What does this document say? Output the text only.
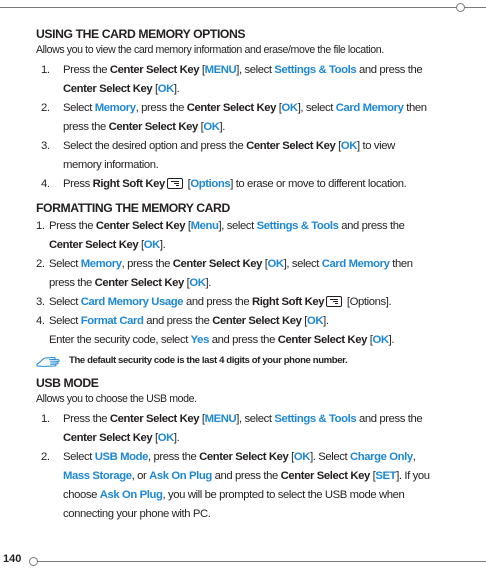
140
USING THE CARD MEMORY OPTIONS
Allows you to view the card memory information and erase/move the file location.
1. Press the Center Select Key [MENU], select Settings & Tools and press the
Center Select Key [OK].
2. Select Memory, press the Center Select Key [OK], select Card Memory then
press the Center Select Key [OK].
3. Select the desired option and press the Center Select Key [OK] to view
memory information.
4. Press Right Soft Key [Options] to erase or move to different location.
FORMATTING THE MEMORY CARD
1. Press the Center Select Key [Menu], select Settings & Tools and press the
Center Select Key [OK].
2. Select Memory, press the Center Select Key [OK], select Card Memory then
press the Center Select Key [OK].
3. Select Card Memory Usage and press the Right Soft Key [Options].
4. Select Format Card and press the Center Select Key [OK].
Enter the security code, select Yes and press the Center Select Key [OK].
The default security code is the last 4 digits of your phone number.
USB MODE
Allows you to choose the USB mode.
1. Press the Center Select Key [MENU], select Settings & Tools and press the
Center Select Key [OK].
2. Select USB Mode, press the Center Select Key [OK]. Select Charge Only,
Mass Storage, or Ask On Plug and press the Center Select Key [SET]. If you
choose Ask On Plug, you will be prompted to select the USB mode when
connecting your phone with PC.
